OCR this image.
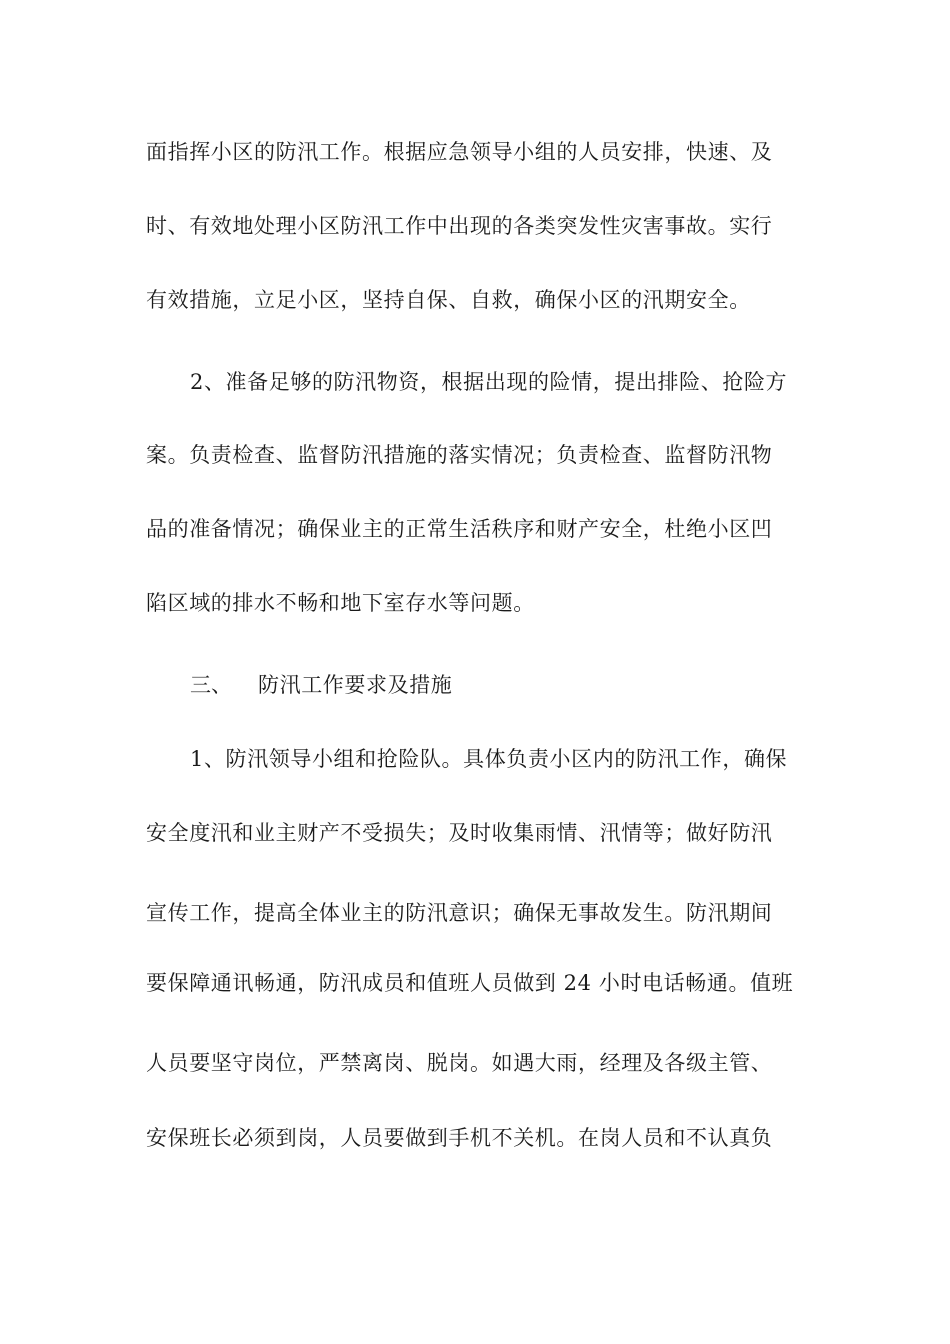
面指挥小区的防汛工作。根据应急领导小组的人员安排，快速、及
时、有效地处理小区防汛工作中出现的各类突发性灾害事故。实行
有效措施，立足小区，坚持自保、自救，确保小区的汛期安全。
2、准备足够的防汛物资，根据出现的险情，提出排险、抢险方
案。负责检查、监督防汛措施的落实情况；负责检查、监督防汛物
品的准备情况；确保业主的正常生活秩序和财产安全，杜绝小区凹
陷区域的排水不畅和地下室存水等问题。
三、 防汛工作要求及措施
1、防汛领导小组和抢险队。具体负责小区内的防汛工作，确保
安全度汛和业主财产不受损失；及时收集雨情、汛情等；做好防汛
宣传工作，提高全体业主的防汛意识；确保无事故发生。防汛期间
要保障通讯畅通，防汛成员和值班人员做到 24 小时电话畅通。值班
人员要坚守岗位，严禁离岗、脱岗。如遇大雨，经理及各级主管、
安保班长必须到岗，人员要做到手机不关机。在岗人员和不认真负
